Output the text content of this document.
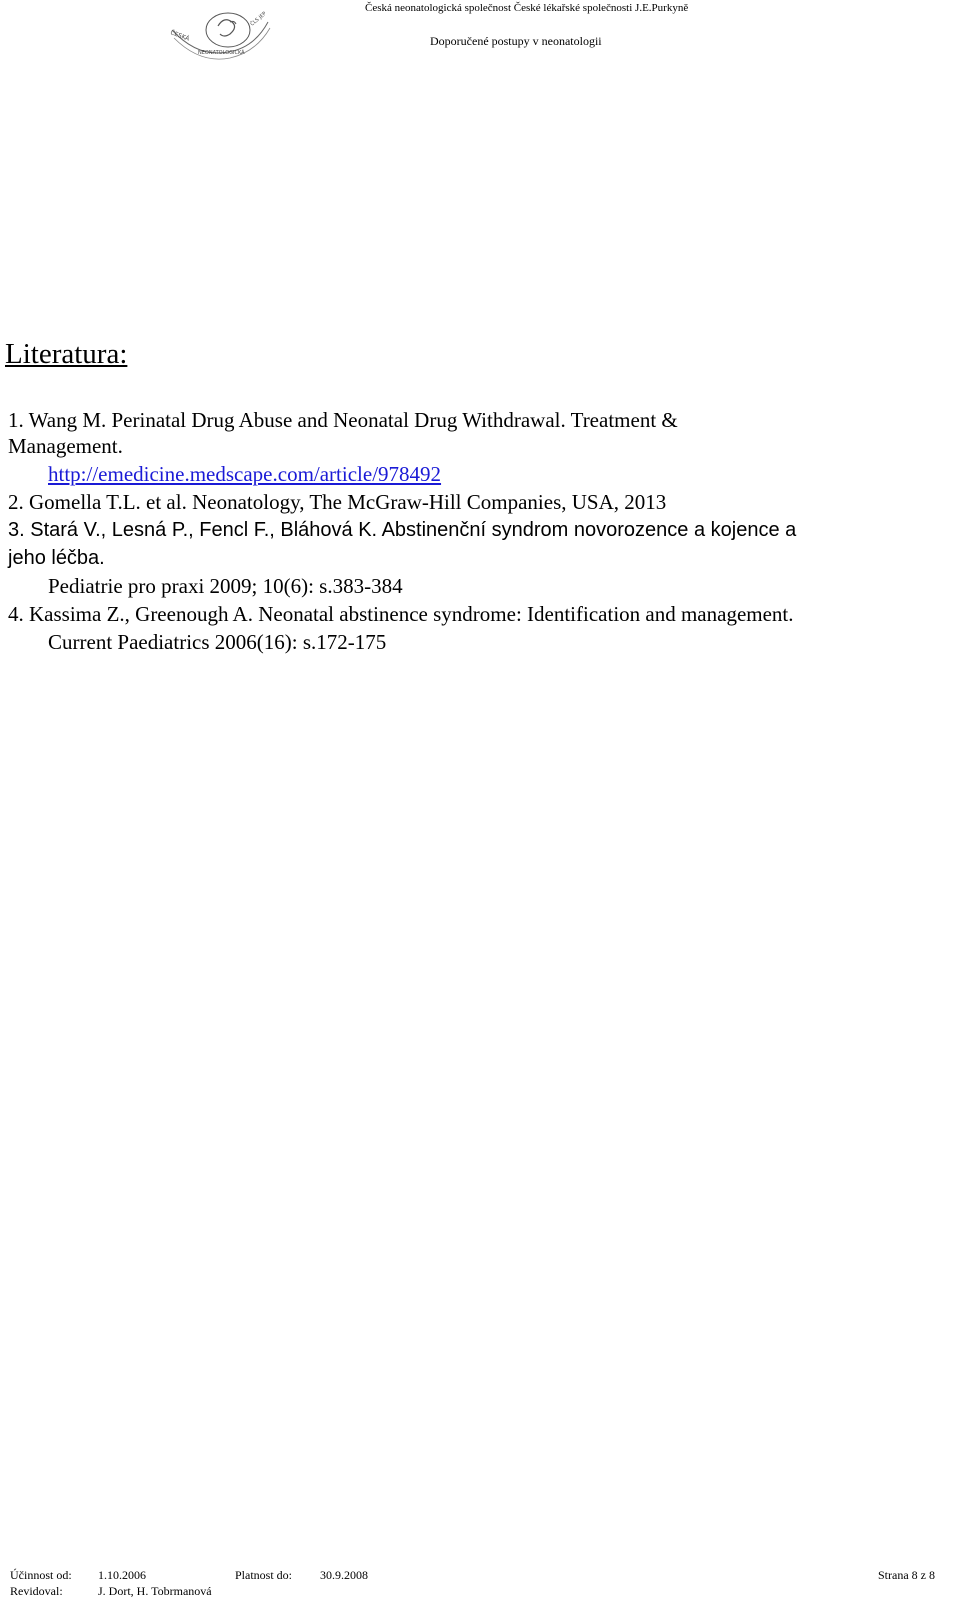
Česká neonatologická společnost České lékařské společnosti J.E.Purkyně
ČESKÁ
NEONATOLOGICKÁ
ČLS JEP
Doporučené postupy v neonatologii
Literatura:
1. Wang M. Perinatal Drug Abuse and Neonatal Drug Withdrawal. Treatment &
Management.
http://emedicine.medscape.com/article/978492
2. Gomella T.L. et al. Neonatology, The McGraw-Hill Companies, USA, 2013
3. Stará V., Lesná P., Fencl F., Bláhová K. Abstinenční syndrom novorozence a kojence a
jeho léčba.
Pediatrie pro praxi 2009; 10(6): s.383-384
4. Kassima Z., Greenough A. Neonatal abstinence syndrome: Identification and management.
Current Paediatrics 2006(16): s.172-175
Účinnost od: 1.10.2006	Platnost do: 30.9.2008	Strana 8 z 8
Revidoval:	J. Dort, H. Tobrmanová
